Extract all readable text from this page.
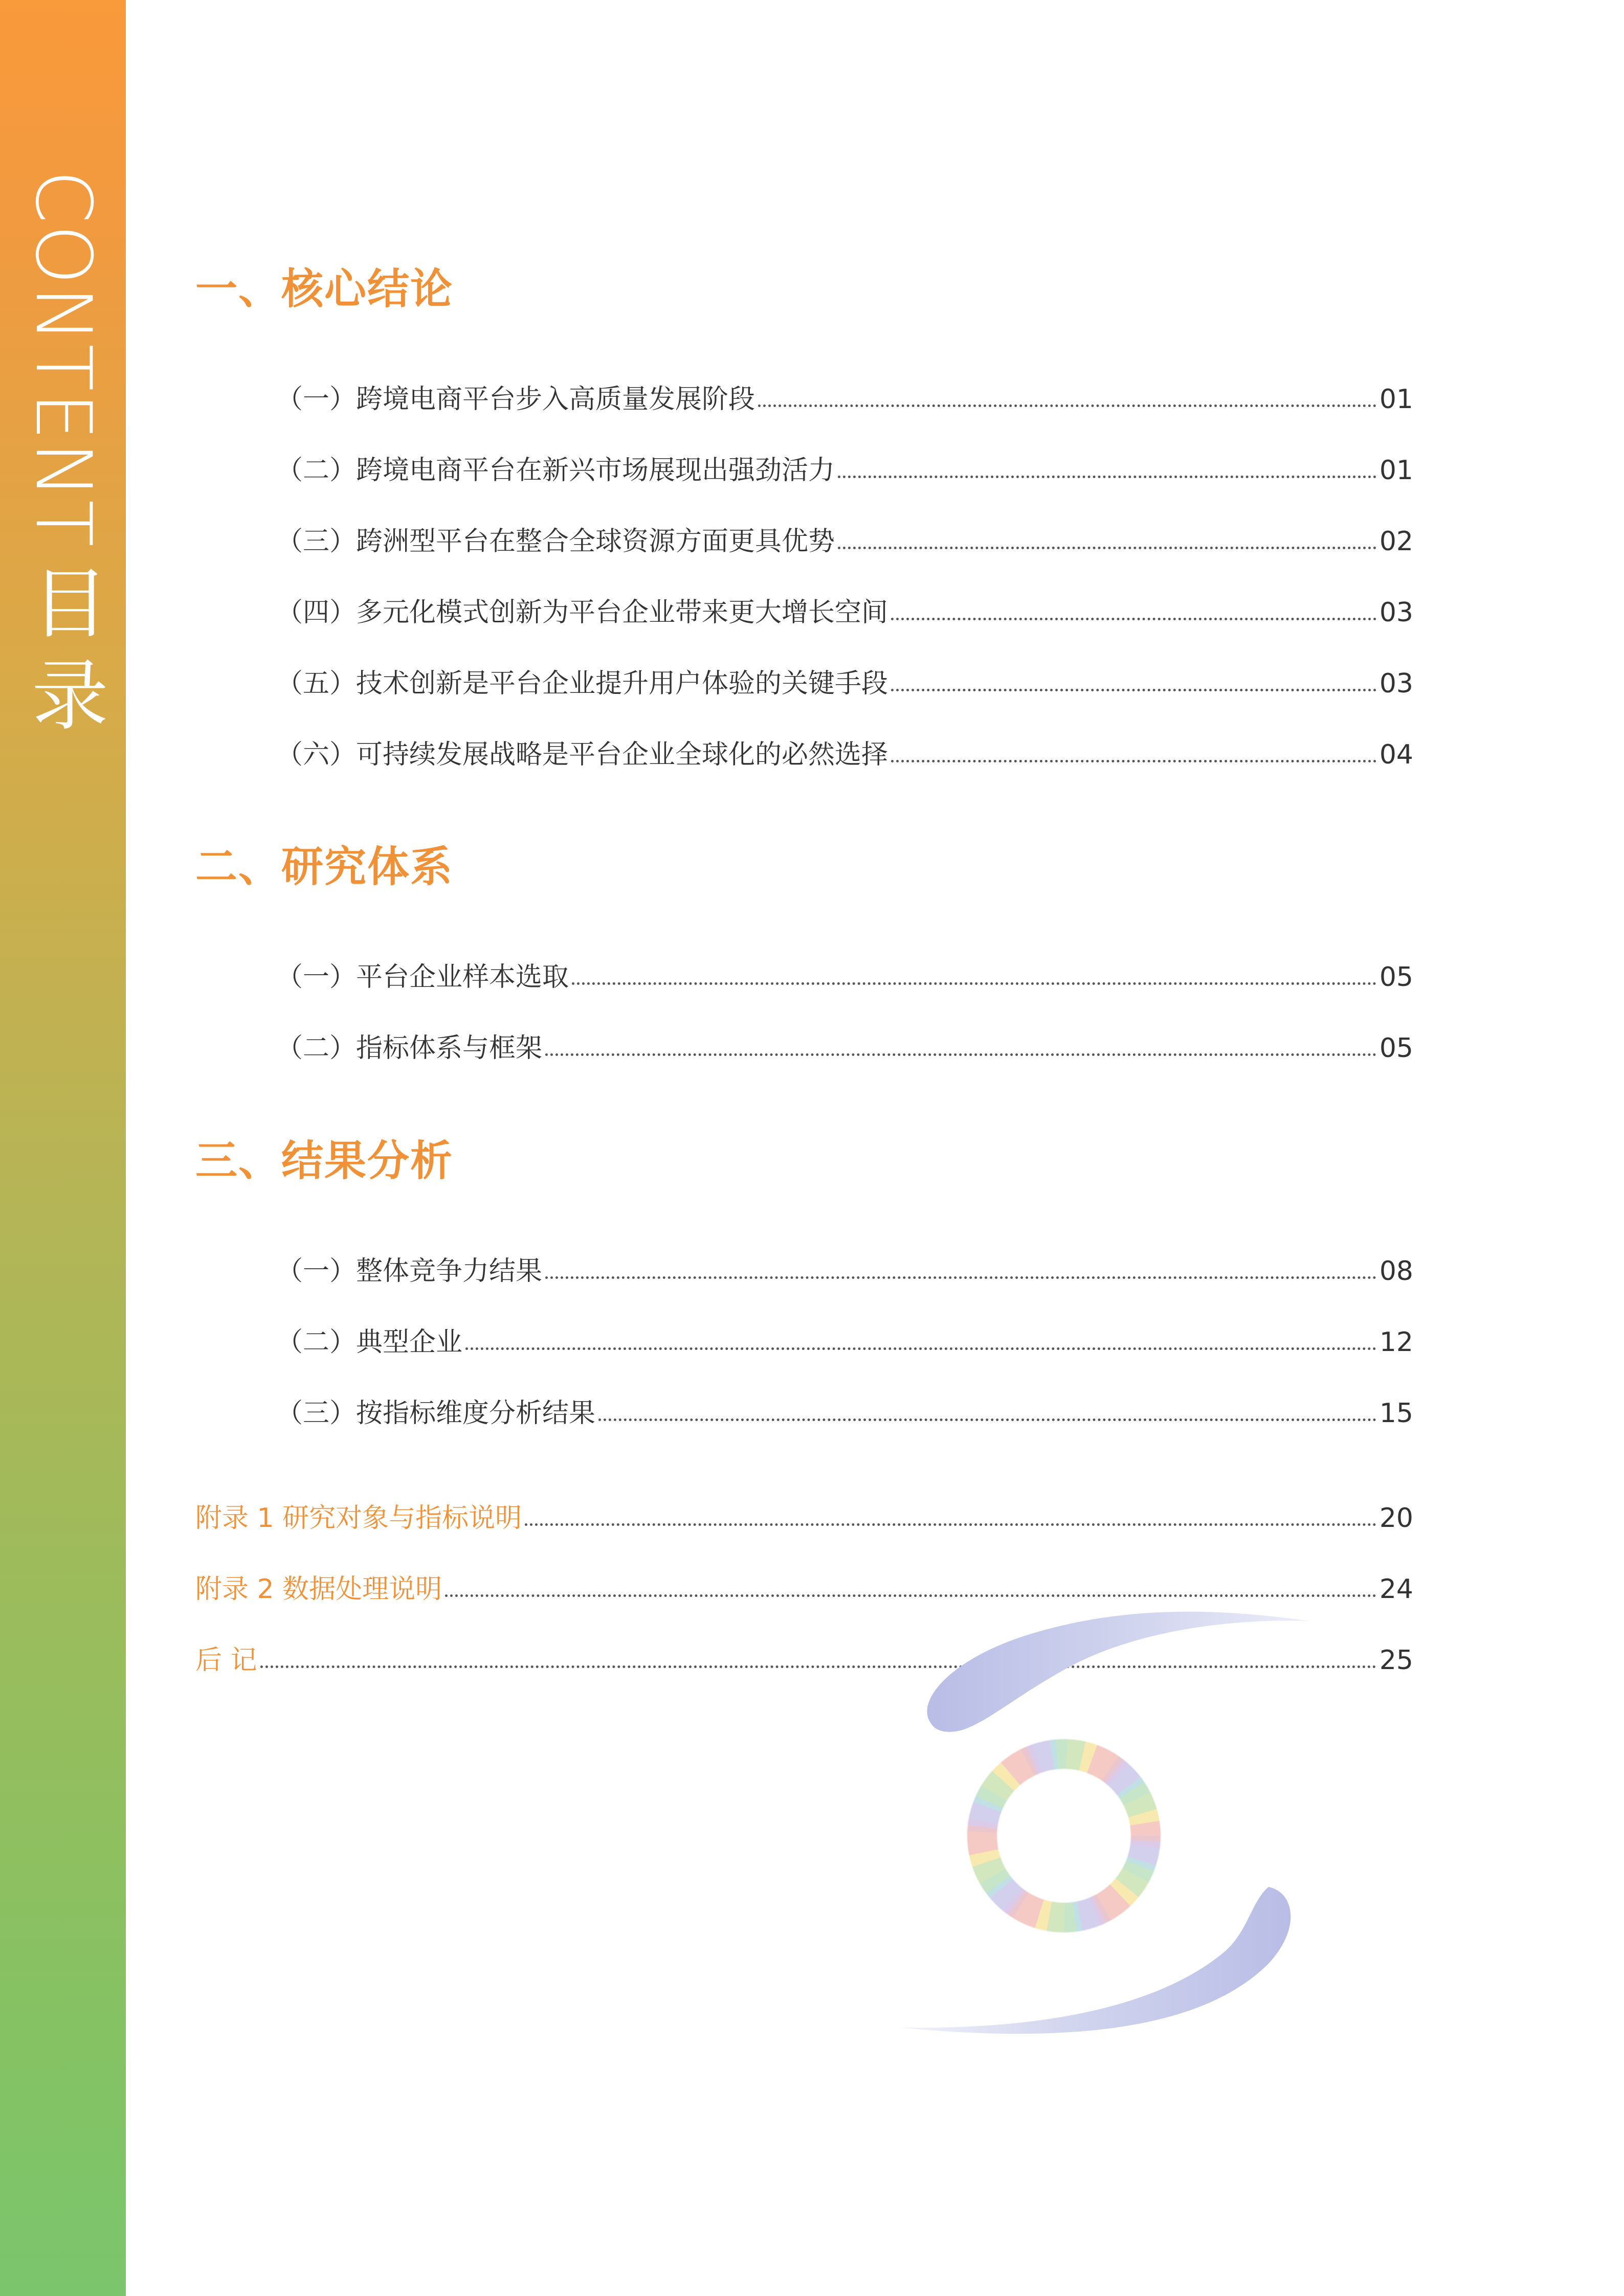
CONTENT目录
一、核心结论
（一）跨境电商平台步入高质量发展阶段	01
（二）跨境电商平台在新兴市场展现出强劲活力	01
（三）跨洲型平台在整合全球资源方面更具优势	02
（四）多元化模式创新为平台企业带来更大增长空间	03
（五）技术创新是平台企业提升用户体验的关键手段	03
（六）可持续发展战略是平台企业全球化的必然选择	04
二、研究体系
（一）平台企业样本选取	05
（二）指标体系与框架	05
三、结果分析
（一）整体竞争力结果	08
（二）典型企业	12
（三）按指标维度分析结果	15
附录 1 研究对象与指标说明	20
附录 2 数据处理说明	24
后 记	25
